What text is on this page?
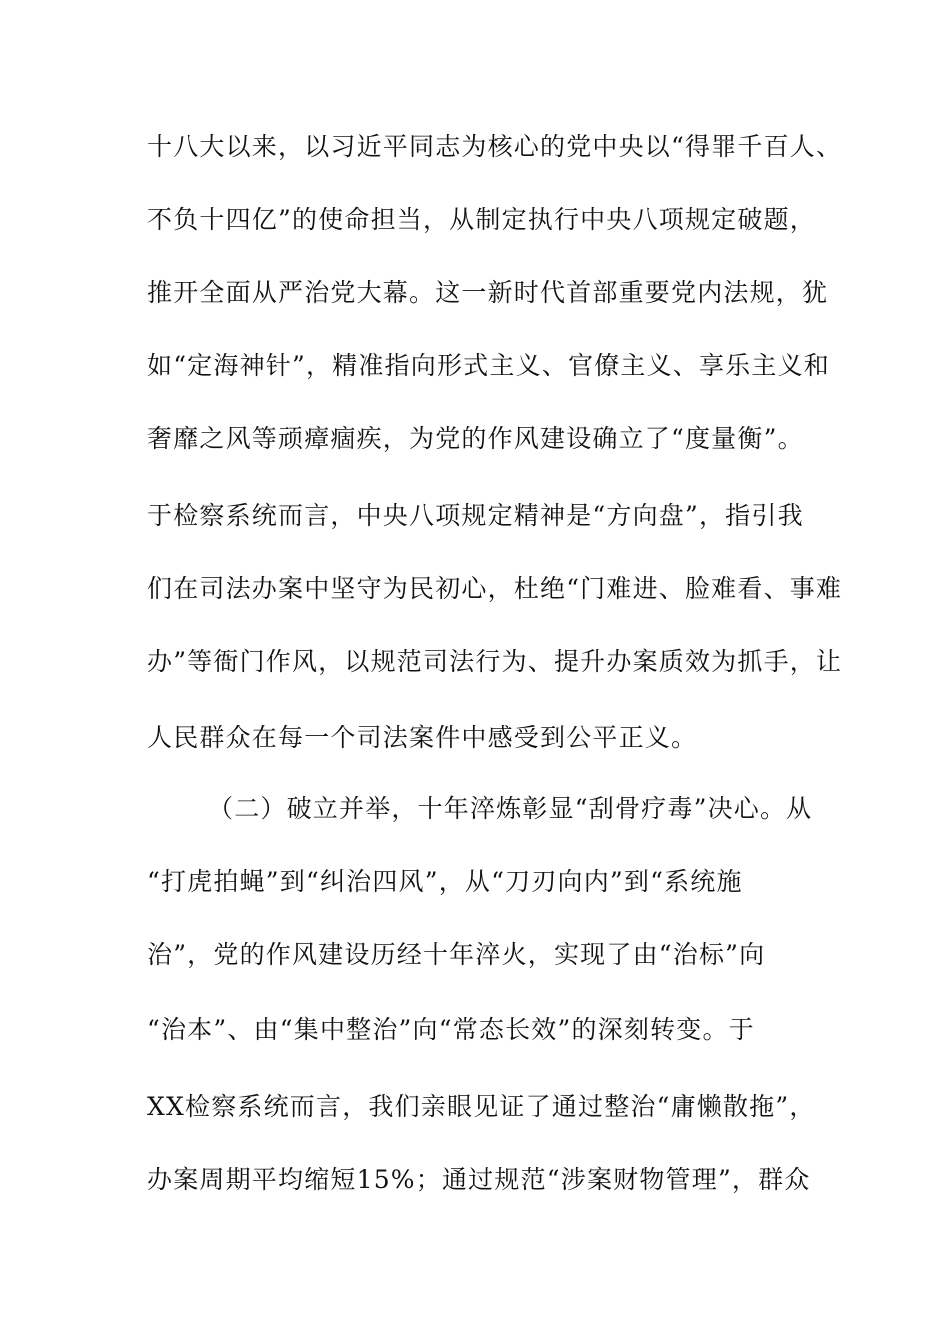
十八大以来，以习近平同志为核心的党中央以“得罪千百人、
不负十四亿”的使命担当，从制定执行中央八项规定破题，
推开全面从严治党大幕。这一新时代首部重要党内法规，犹
如“定海神针”，精准指向形式主义、官僚主义、享乐主义和
奢靡之风等顽瘴痼疾，为党的作风建设确立了“度量衡”。
于检察系统而言，中央八项规定精神是“方向盘”，指引我
们在司法办案中坚守为民初心，杜绝“门难进、脸难看、事难
办”等衙门作风，以规范司法行为、提升办案质效为抓手，让
人民群众在每一个司法案件中感受到公平正义。
（二）破立并举，十年淬炼彰显“刮骨疗毒”决心。从
“打虎拍蝇”到“纠治四风”，从“刀刃向内”到“系统施
治”，党的作风建设历经十年淬火，实现了由“治标”向
“治本”、由“集中整治”向“常态长效”的深刻转变。于
XX检察系统而言，我们亲眼见证了通过整治“庸懒散拖”，
办案周期平均缩短15%；通过规范“涉案财物管理”，群众
